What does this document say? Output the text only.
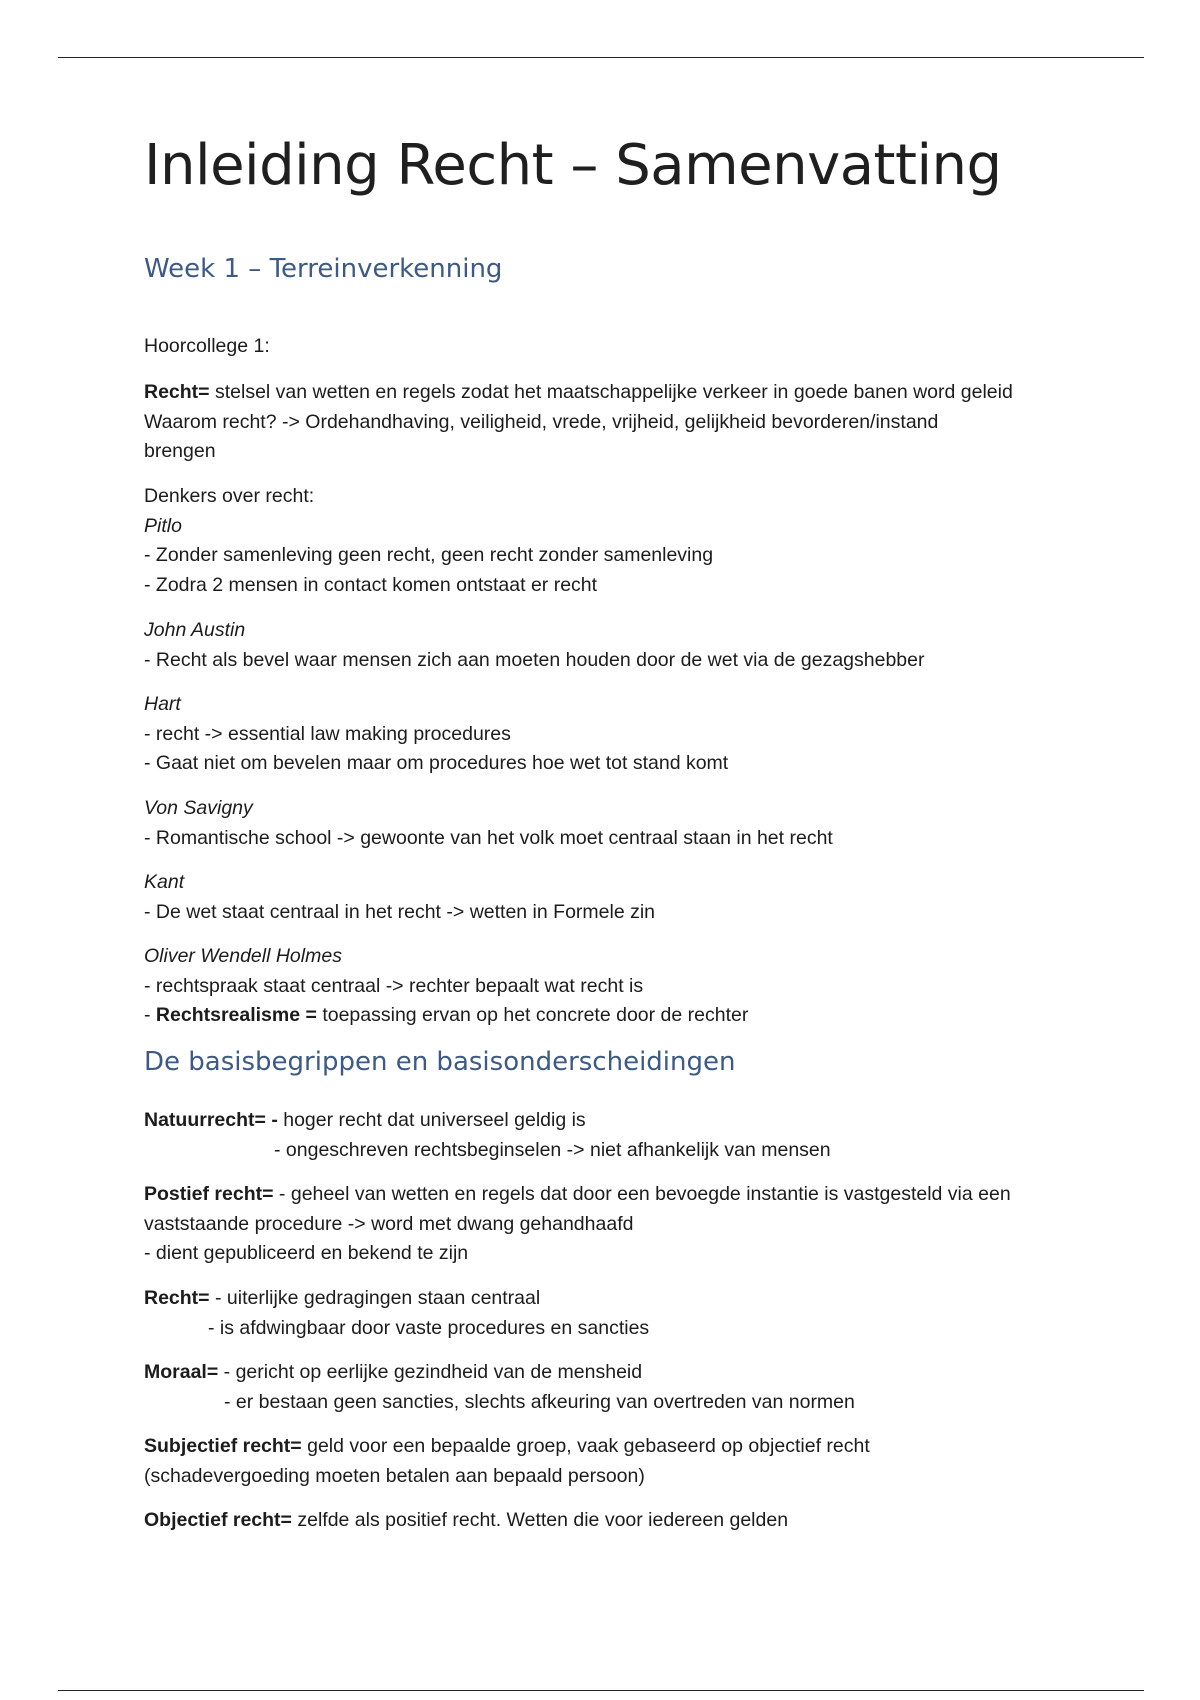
Inleiding Recht – Samenvatting
Week 1 – Terreinverkenning
Hoorcollege 1:
Recht= stelsel van wetten en regels zodat het maatschappelijke verkeer in goede banen word geleid
Waarom recht? -> Ordehandhaving, veiligheid, vrede, vrijheid, gelijkheid bevorderen/instand
brengen
Denkers over recht:
Pitlo
- Zonder samenleving geen recht, geen recht zonder samenleving
- Zodra 2 mensen in contact komen ontstaat er recht
John Austin
- Recht als bevel waar mensen zich aan moeten houden door de wet via de gezagshebber
Hart
- recht -> essential law making procedures
- Gaat niet om bevelen maar om procedures hoe wet tot stand komt
Von Savigny
- Romantische school -> gewoonte van het volk moet centraal staan in het recht
Kant
- De wet staat centraal in het recht -> wetten in Formele zin
Oliver Wendell Holmes
- rechtspraak staat centraal -> rechter bepaalt wat recht is
- Rechtsrealisme = toepassing ervan op het concrete door de rechter
De basisbegrippen en basisonderscheidingen
Natuurrecht= - hoger recht dat universeel geldig is
- ongeschreven rechtsbeginselen -> niet afhankelijk van mensen
Postief recht= - geheel van wetten en regels dat door een bevoegde instantie is vastgesteld via een vaststaande procedure -> word met dwang gehandhaafd
- dient gepubliceerd en bekend te zijn
Recht= - uiterlijke gedragingen staan centraal
- is afdwingbaar door vaste procedures en sancties
Moraal= - gericht op eerlijke gezindheid van de mensheid
- er bestaan geen sancties, slechts afkeuring van overtreden van normen
Subjectief recht= geld voor een bepaalde groep, vaak gebaseerd op objectief recht
(schadevergoeding moeten betalen aan bepaald persoon)
Objectief recht= zelfde als positief recht. Wetten die voor iedereen gelden
